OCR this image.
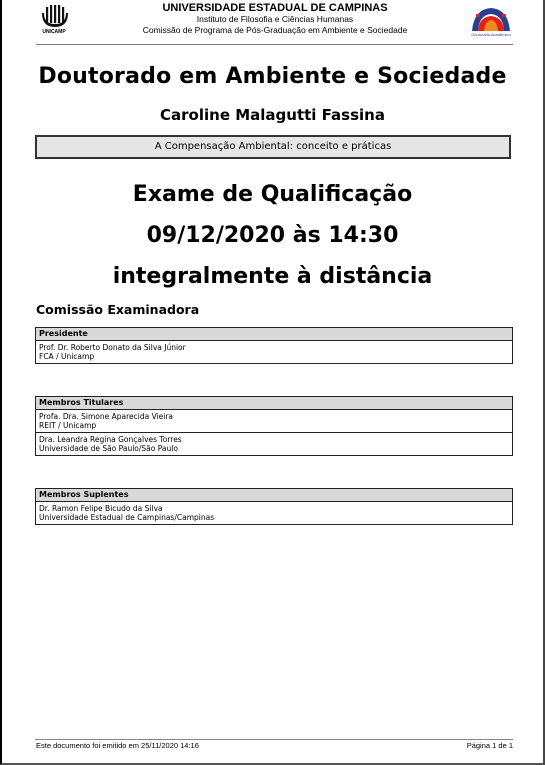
UNICAMP
UNIVERSIDADE ESTADUAL DE CAMPINAS
Instituto de Filosofia e Ciências Humanas
Comissão de Programa de Pós-Graduação em Ambiente e Sociedade	Doutorado Acadêmico
Doutorado em Ambiente e Sociedade
Caroline Malagutti Fassina
A Compensação Ambiental: conceito e práticas
Exame de Qualificação
09/12/2020 às 14:30
integralmente à distância
Comissão Examinadora
Presidente
Prof. Dr. Roberto Donato da Silva Júnior
FCA / Unicamp
Membros Titulares
Profa. Dra. Simone Aparecida Vieira
REIT / Unicamp
Dra. Leandra Regina Gonçalves Torres
Universidade de São Paulo/São Paulo
Membros Suplentes
Dr. Ramon Felipe Bicudo da Silva
Universidade Estadual de Campinas/Campinas
Este documento foi emitido em 25/11/2020 14:16	Página 1 de 1
